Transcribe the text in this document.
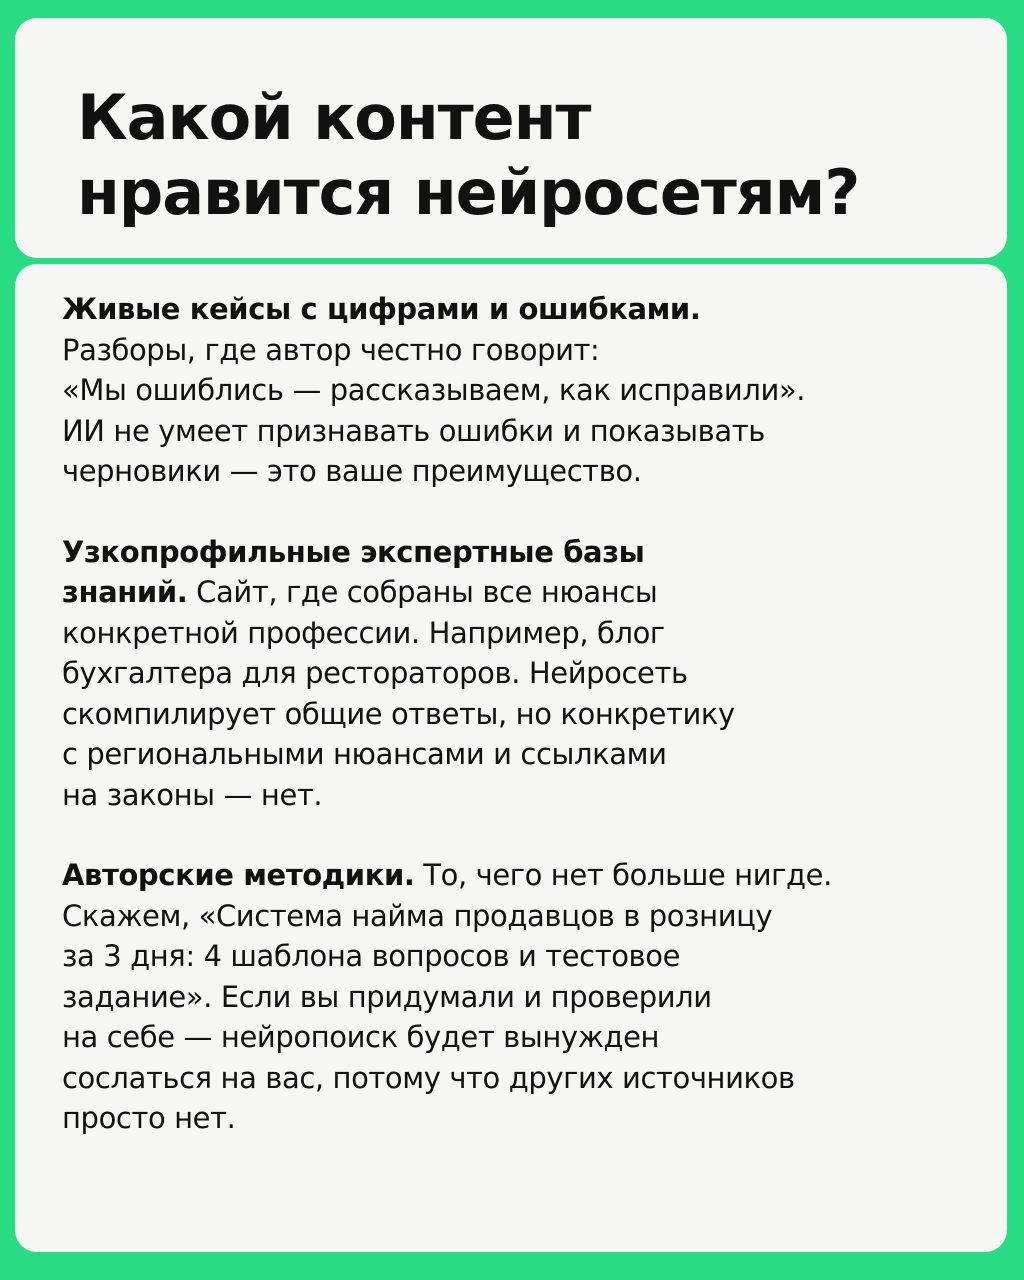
Какой контент
нравится нейросетям?
Живые кейсы с цифрами и ошибками.
Разборы, где автор честно говорит:
«Мы ошиблись — рассказываем, как исправили».
ИИ не умеет признавать ошибки и показывать
черновики — это ваше преимущество.
Узкопрофильные экспертные базы
знаний. Сайт, где собраны все нюансы
конкретной профессии. Например, блог
бухгалтера для рестораторов. Нейросеть
скомпилирует общие ответы, но конкретику
с региональными нюансами и ссылками
на законы — нет.
Авторские методики. То, чего нет больше нигде.
Скажем, «Система найма продавцов в розницу
за 3 дня: 4 шаблона вопросов и тестовое
задание». Если вы придумали и проверили
на себе — нейропоиск будет вынужден
сослаться на вас, потому что других источников
просто нет.
